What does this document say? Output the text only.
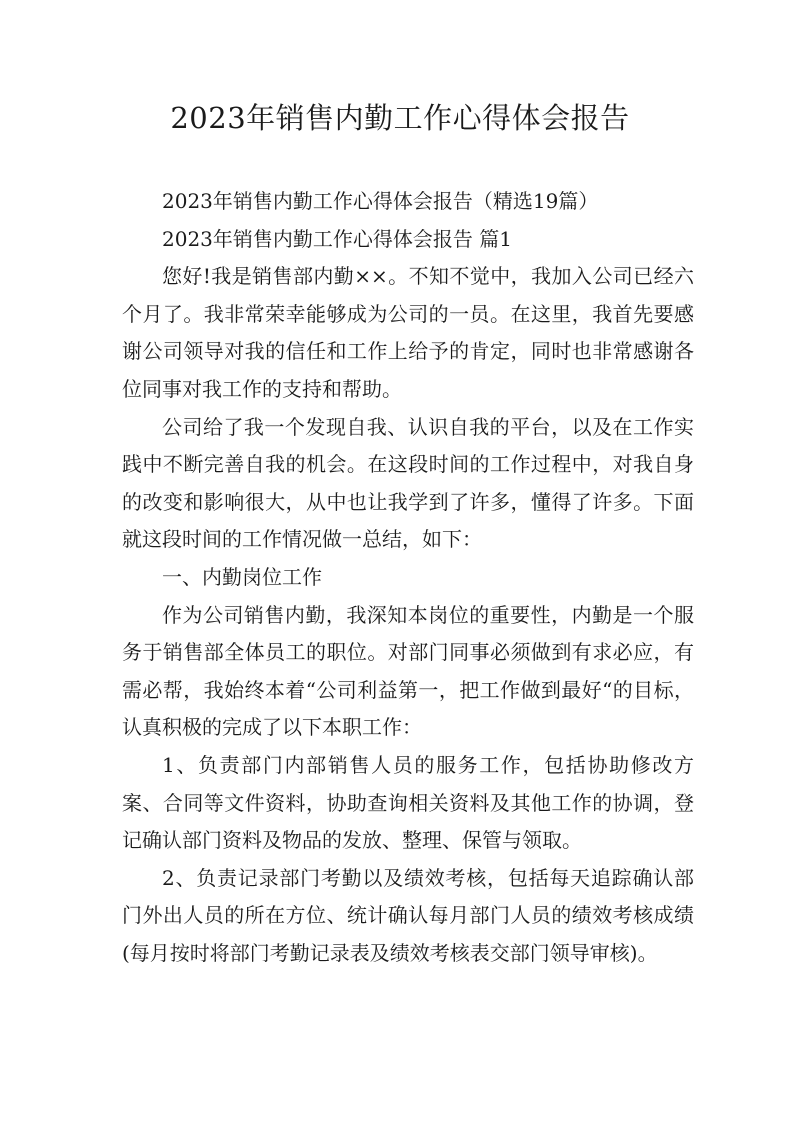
2023年销售内勤工作心得体会报告

2023年销售内勤工作心得体会报告（精选19篇）

2023年销售内勤工作心得体会报告 篇1

您好!我是销售部内勤××。不知不觉中，我加入公司已经六个月了。我非常荣幸能够成为公司的一员。在这里，我首先要感谢公司领导对我的信任和工作上给予的肯定，同时也非常感谢各位同事对我工作的支持和帮助。

公司给了我一个发现自我、认识自我的平台，以及在工作实践中不断完善自我的机会。在这段时间的工作过程中，对我自身的改变和影响很大，从中也让我学到了许多，懂得了许多。下面就这段时间的工作情况做一总结，如下：

一、内勤岗位工作

作为公司销售内勤，我深知本岗位的重要性，内勤是一个服务于销售部全体员工的职位。对部门同事必须做到有求必应，有需必帮，我始终本着“公司利益第一，把工作做到最好“的目标，认真积极的完成了以下本职工作：

1、负责部门内部销售人员的服务工作，包括协助修改方案、合同等文件资料，协助查询相关资料及其他工作的协调，登记确认部门资料及物品的发放、整理、保管与领取。

2、负责记录部门考勤以及绩效考核，包括每天追踪确认部门外出人员的所在方位、统计确认每月部门人员的绩效考核成绩(每月按时将部门考勤记录表及绩效考核表交部门领导审核)。
